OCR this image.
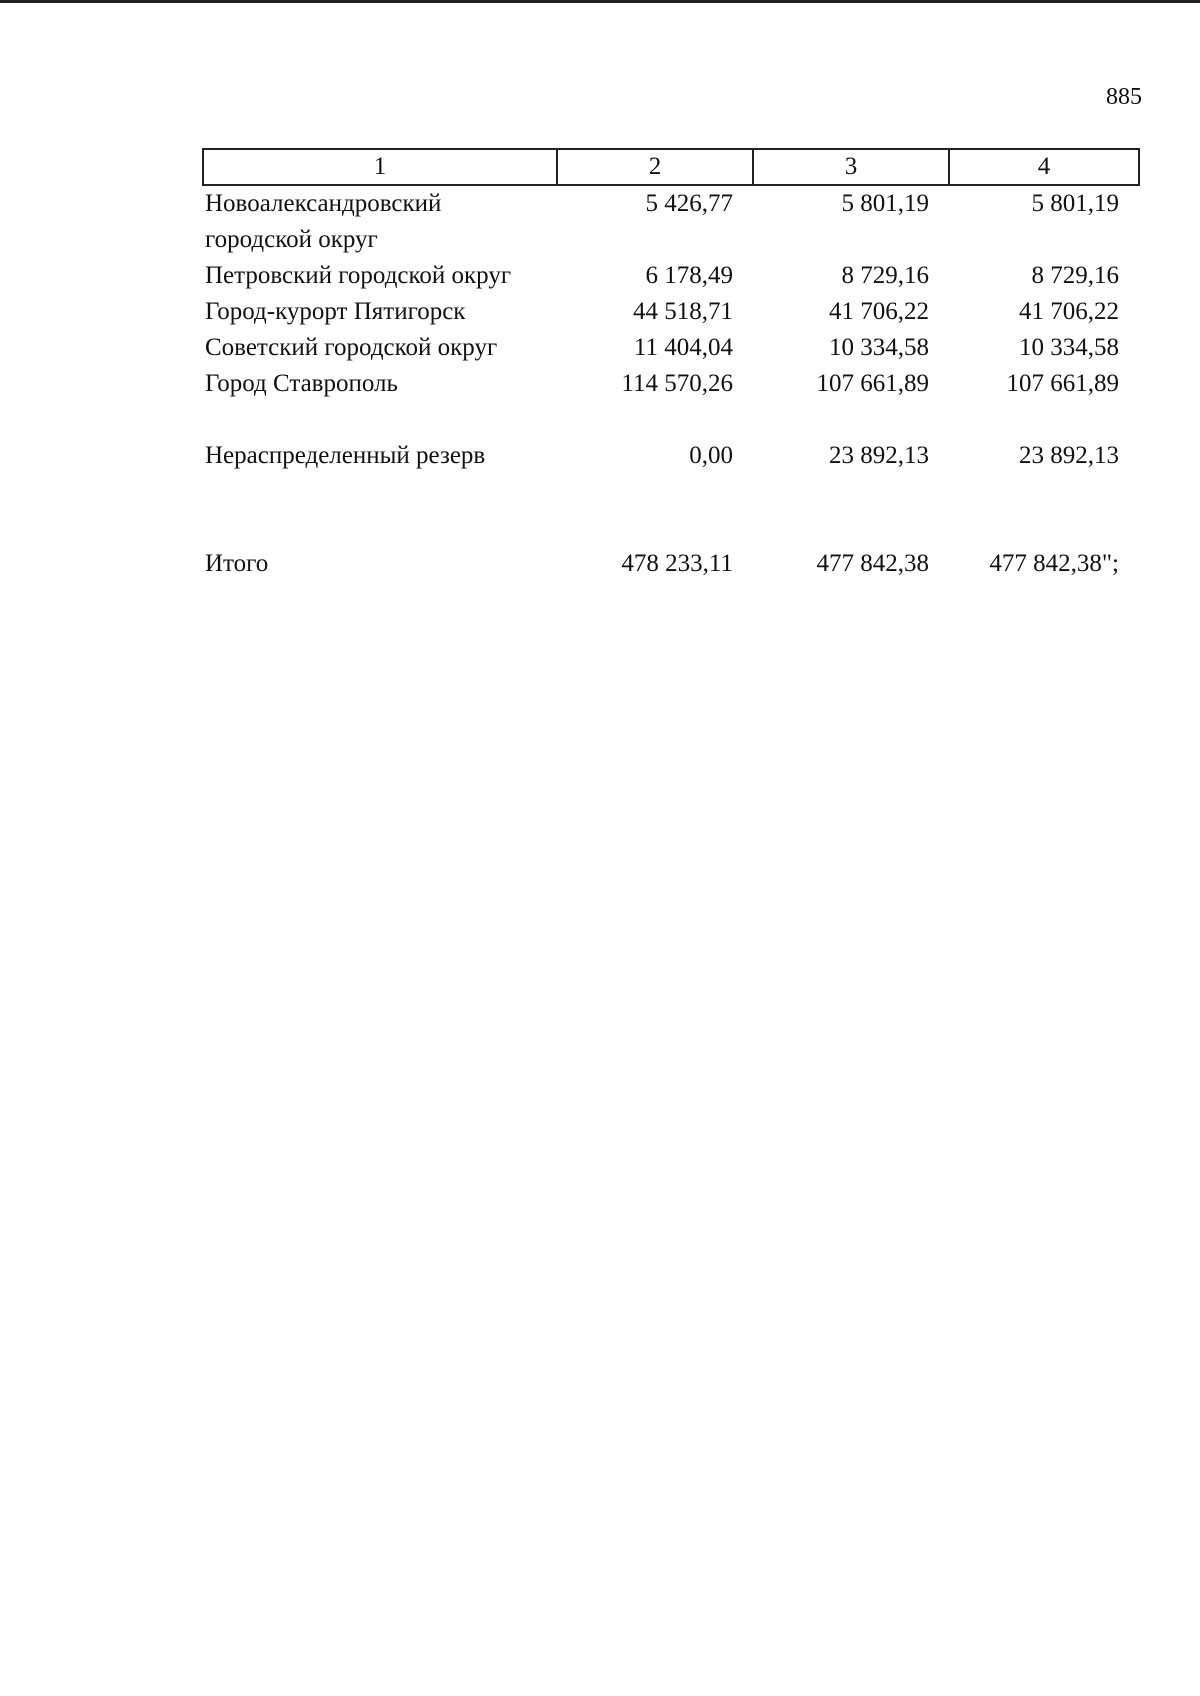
885
1	2	3	4
Новоалександровский городской округ	5 426,77	5 801,19	5 801,19
Петровский городской округ	6 178,49	8 729,16	8 729,16
Город-курорт Пятигорск	44 518,71	41 706,22	41 706,22
Советский городской округ	11 404,04	10 334,58	10 334,58
Город Ставрополь	114 570,26	107 661,89	107 661,89
Нераспределенный резерв	0,00	23 892,13	23 892,13
Итого	478 233,11	477 842,38	477 842,38";
